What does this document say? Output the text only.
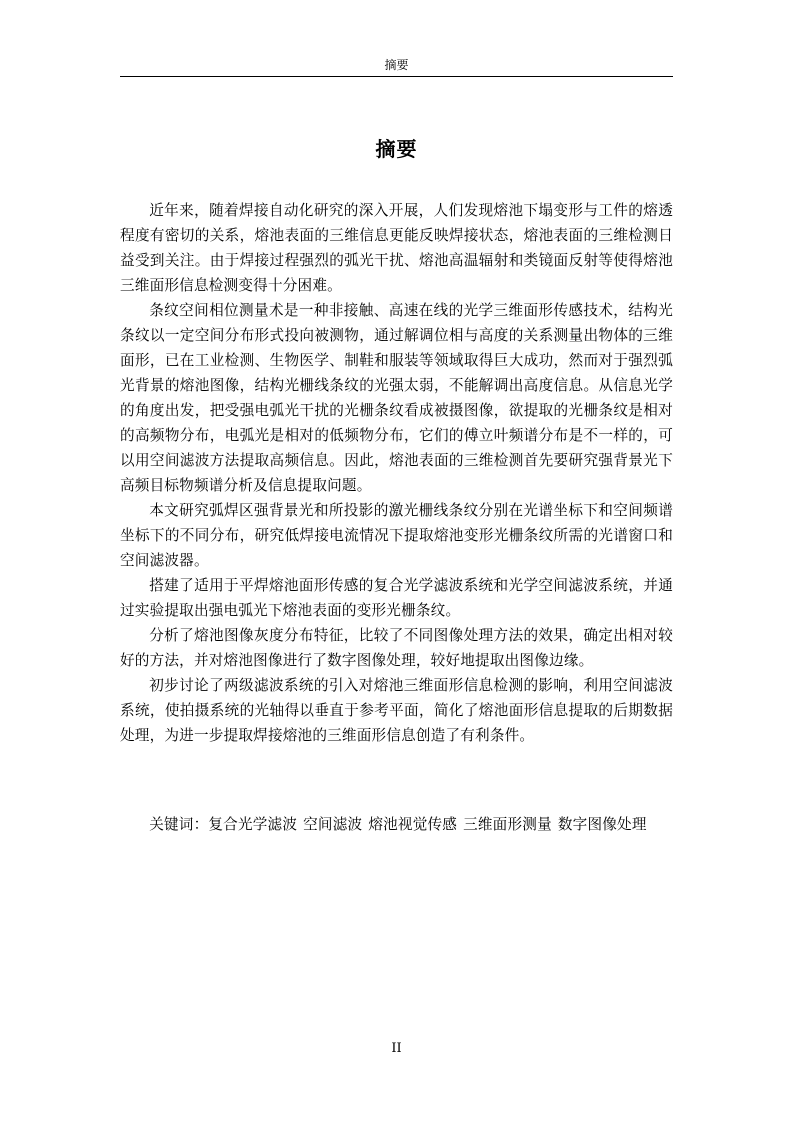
摘要
摘要

近年来，随着焊接自动化研究的深入开展，人们发现熔池下塌变形与工件的熔透程度有密切的关系，熔池表面的三维信息更能反映焊接状态，熔池表面的三维检测日益受到关注。由于焊接过程强烈的弧光干扰、熔池高温辐射和类镜面反射等使得熔池三维面形信息检测变得十分困难。

条纹空间相位测量术是一种非接触、高速在线的光学三维面形传感技术，结构光条纹以一定空间分布形式投向被测物，通过解调位相与高度的关系测量出物体的三维面形，已在工业检测、生物医学、制鞋和服装等领域取得巨大成功，然而对于强烈弧光背景的熔池图像，结构光栅线条纹的光强太弱，不能解调出高度信息。从信息光学的角度出发，把受强电弧光干扰的光栅条纹看成被摄图像，欲提取的光栅条纹是相对的高频物分布，电弧光是相对的低频物分布，它们的傅立叶频谱分布是不一样的，可以用空间滤波方法提取高频信息。因此，熔池表面的三维检测首先要研究强背景光下高频目标物频谱分析及信息提取问题。

本文研究弧焊区强背景光和所投影的激光栅线条纹分别在光谱坐标下和空间频谱坐标下的不同分布，研究低焊接电流情况下提取熔池变形光栅条纹所需的光谱窗口和空间滤波器。

搭建了适用于平焊熔池面形传感的复合光学滤波系统和光学空间滤波系统，并通过实验提取出强电弧光下熔池表面的变形光栅条纹。

分析了熔池图像灰度分布特征，比较了不同图像处理方法的效果，确定出相对较好的方法，并对熔池图像进行了数字图像处理，较好地提取出图像边缘。

初步讨论了两级滤波系统的引入对熔池三维面形信息检测的影响，利用空间滤波系统，使拍摄系统的光轴得以垂直于参考平面，简化了熔池面形信息提取的后期数据处理，为进一步提取焊接熔池的三维面形信息创造了有利条件。

关键词：复合光学滤波 空间滤波 熔池视觉传感 三维面形测量 数字图像处理
II
